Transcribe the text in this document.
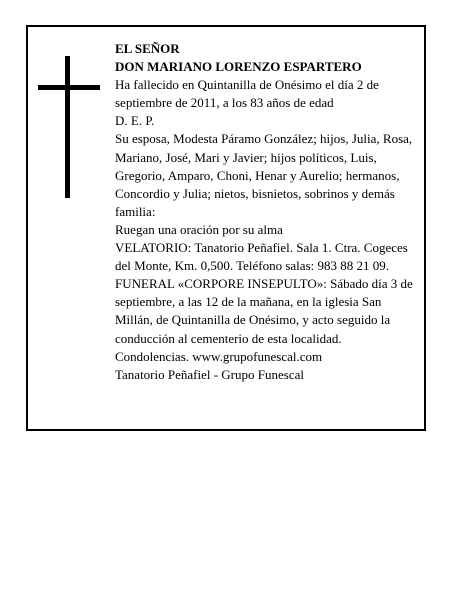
EL SEÑOR

DON MARIANO LORENZO ESPARTERO

Ha fallecido en Quintanilla de Onésimo el día 2 de septiembre de 2011, a los 83 años de edad

D. E. P.

Su esposa, Modesta Páramo González; hijos, Julia, Rosa, Mariano, José, Mari y Javier; hijos políticos, Luis, Gregorio, Amparo, Choni, Henar y Aurelio; hermanos, Concordio y Julia; nietos, bisnietos, sobrinos y demás familia:

Ruegan una oración por su alma

VELATORIO: Tanatorio Peñafiel. Sala 1. Ctra. Cogeces del Monte, Km. 0,500. Teléfono salas: 983 88 21 09.

FUNERAL «CORPORE INSEPULTO»: Sábado día 3 de septiembre, a las 12 de la mañana, en la iglesia San Millán, de Quintanilla de Onésimo, y acto seguido la conducción al cementerio de esta localidad.

Condolencias. www.grupofunescal.com

Tanatorio Peñafiel - Grupo Funescal
